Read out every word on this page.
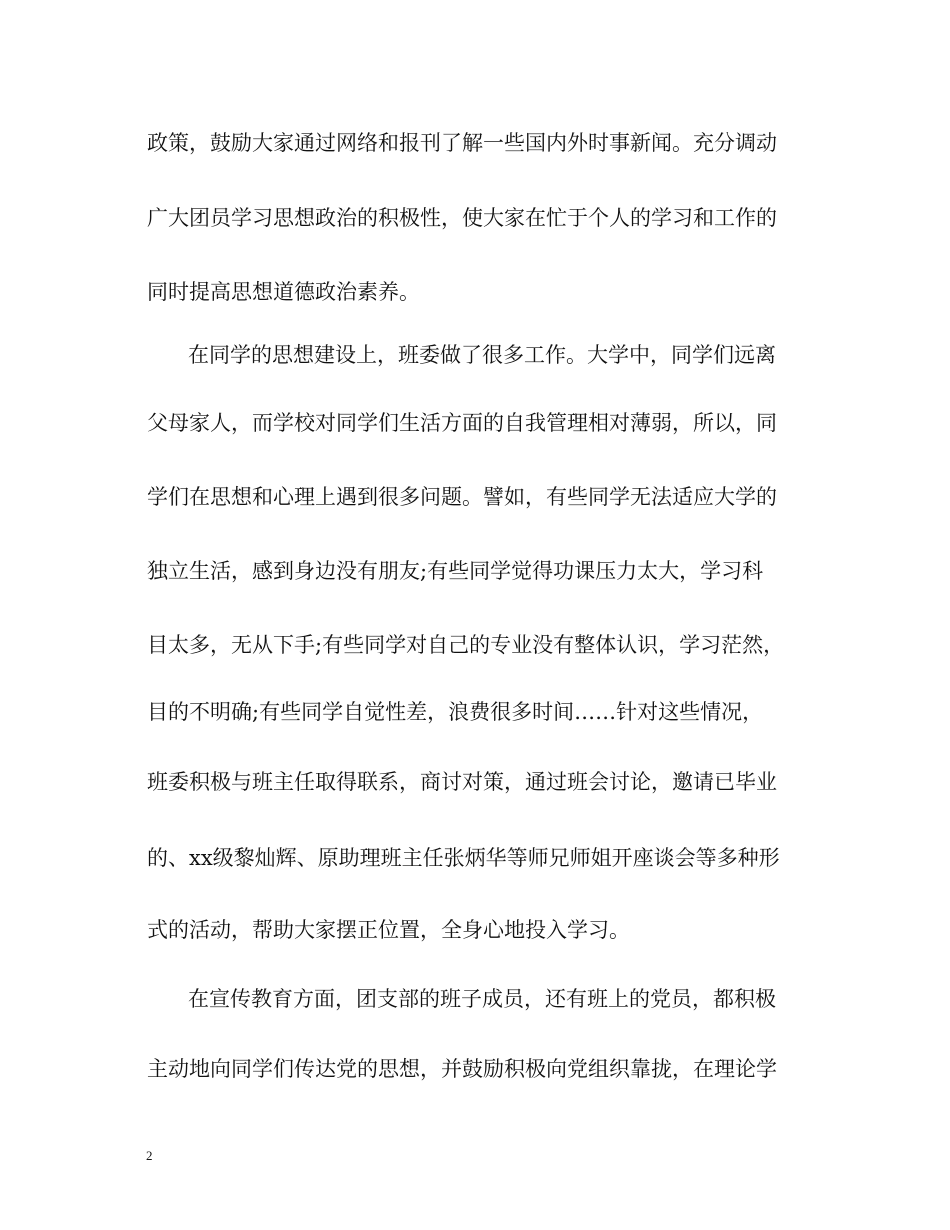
政策，鼓励大家通过网络和报刊了解一些国内外时事新闻。充分调动
广大团员学习思想政治的积极性，使大家在忙于个人的学习和工作的
同时提高思想道德政治素养。
在同学的思想建设上，班委做了很多工作。大学中，同学们远离
父母家人，而学校对同学们生活方面的自我管理相对薄弱，所以，同
学们在思想和心理上遇到很多问题。譬如，有些同学无法适应大学的
独立生活，感到身边没有朋友;有些同学觉得功课压力太大，学习科
目太多，无从下手;有些同学对自己的专业没有整体认识，学习茫然，
目的不明确;有些同学自觉性差，浪费很多时间……针对这些情况，
班委积极与班主任取得联系，商讨对策，通过班会讨论，邀请已毕业
的、xx级黎灿辉、原助理班主任张炳华等师兄师姐开座谈会等多种形
式的活动，帮助大家摆正位置，全身心地投入学习。
在宣传教育方面，团支部的班子成员，还有班上的党员，都积极
主动地向同学们传达党的思想，并鼓励积极向党组织靠拢，在理论学
2
